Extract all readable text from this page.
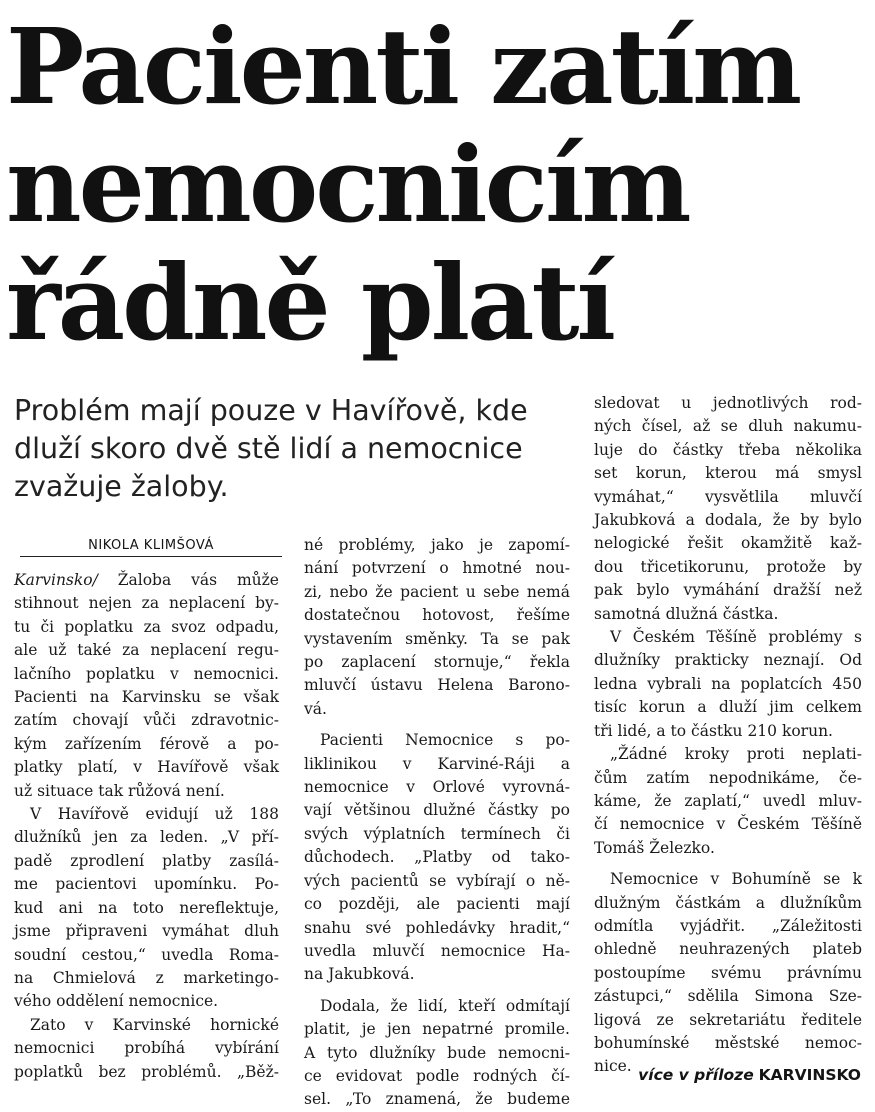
Pacienti zatím
nemocnicím
řádně platí
Problém mají pouze v Havířově, kde
dluží skoro dvě stě lidí a nemocnice
zvažuje žaloby.
NIKOLA KLIMŠOVÁ
Karvinsko/ Žaloba vás může
stihnout nejen za neplacení by-
tu či poplatku za svoz odpadu,
ale už také za neplacení regu-
lačního poplatku v nemocnici.
Pacienti na Karvinsku se však
zatím chovají vůči zdravotnic-
kým zařízením férově a po-
platky platí, v Havířově však
už situace tak růžová není.
V Havířově evidují už 188
dlužníků jen za leden. „V pří-
padě zprodlení platby zasílá-
me pacientovi upomínku. Po-
kud ani na toto nereflektuje,
jsme připraveni vymáhat dluh
soudní cestou,“ uvedla Roma-
na Chmielová z marketingo-
vého oddělení nemocnice.
Zato v Karvinské hornické
nemocnici probíhá vybírání
poplatků bez problémů. „Běž-
né problémy, jako je zapomí-
nání potvrzení o hmotné nou-
zi, nebo že pacient u sebe nemá
dostatečnou hotovost, řešíme
vystavením směnky. Ta se pak
po zaplacení stornuje,“ řekla
mluvčí ústavu Helena Barono-
vá.
Pacienti Nemocnice s po-
liklinikou v Karviné-Ráji a
nemocnice v Orlové vyrovná-
vají většinou dlužné částky po
svých výplatních termínech či
důchodech. „Platby od tako-
vých pacientů se vybírají o ně-
co později, ale pacienti mají
snahu své pohledávky hradit,“
uvedla mluvčí nemocnice Ha-
na Jakubková.
Dodala, že lidí, kteří odmítají
platit, je jen nepatrné promile.
A tyto dlužníky bude nemocni-
ce evidovat podle rodných čí-
sel. „To znamená, že budeme
sledovat u jednotlivých rod-
ných čísel, až se dluh nakumu-
luje do částky třeba několika
set korun, kterou má smysl
vymáhat,“ vysvětlila mluvčí
Jakubková a dodala, že by bylo
nelogické řešit okamžitě kaž-
dou třicetikorunu, protože by
pak bylo vymáhání dražší než
samotná dlužná částka.
V Českém Těšíně problémy s
dlužníky prakticky neznají. Od
ledna vybrali na poplatcích 450
tisíc korun a dluží jim celkem
tři lidé, a to částku 210 korun.
„Žádné kroky proti neplati-
čům zatím nepodnikáme, če-
káme, že zaplatí,“ uvedl mluv-
čí nemocnice v Českém Těšíně
Tomáš Železko.
Nemocnice v Bohumíně se k
dlužným částkám a dlužníkům
odmítla vyjádřit. „Záležitosti
ohledně neuhrazených plateb
postoupíme svému právnímu
zástupci,“ sdělila Simona Sze-
ligová ze sekretariátu ředitele
bohumínské městské nemoc-
nice. více v příloze KARVINSKO
